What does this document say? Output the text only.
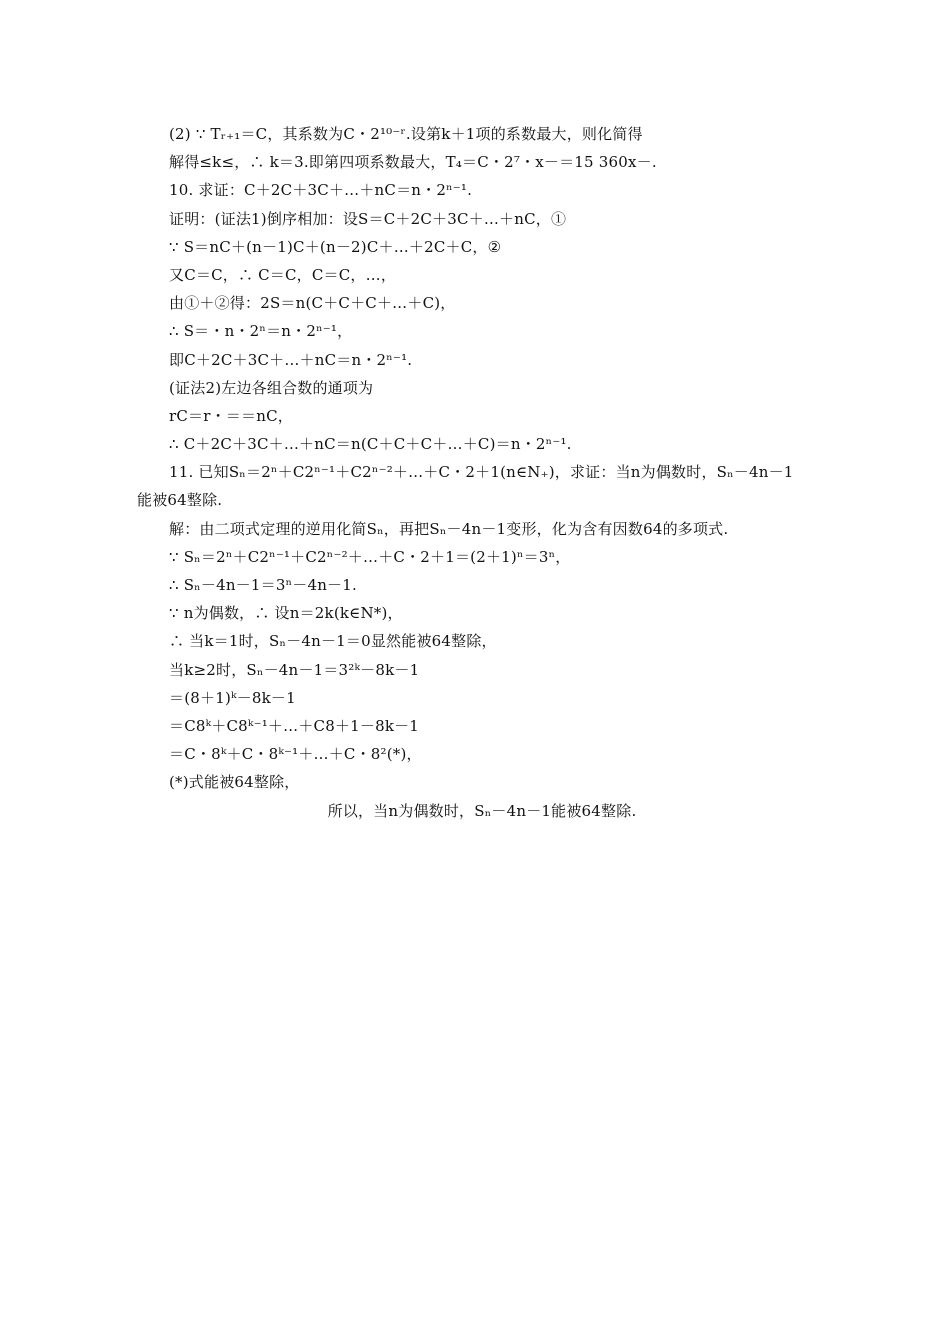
(2) ∵ Tᵣ₊₁＝C，其系数为C・2¹⁰⁻ʳ.设第k＋1项的系数最大，则化简得
解得≤k≤，∴ k＝3.即第四项系数最大，T₄＝C・2⁷・x－＝15 360x－.
10. 求证：C＋2C＋3C＋…＋nC＝n・2ⁿ⁻¹.
证明：(证法1)倒序相加：设S＝C＋2C＋3C＋…＋nC，①
∵ S＝nC＋(n－1)C＋(n－2)C＋…＋2C＋C，②
又C＝C，∴ C＝C，C＝C，…，
由①＋②得：2S＝n(C＋C＋C＋…＋C)，
∴ S＝・n・2ⁿ＝n・2ⁿ⁻¹，
即C＋2C＋3C＋…＋nC＝n・2ⁿ⁻¹.
(证法2)左边各组合数的通项为
rC＝r・＝＝nC，
∴ C＋2C＋3C＋…＋nC＝n(C＋C＋C＋…＋C)＝n・2ⁿ⁻¹.
11. 已知Sₙ＝2ⁿ＋C2ⁿ⁻¹＋C2ⁿ⁻²＋…＋C・2＋1(n∈N₊)，求证：当n为偶数时，Sₙ－4n－1
能被64整除.
解：由二项式定理的逆用化简Sₙ，再把Sₙ－4n－1变形，化为含有因数64的多项式.
∵ Sₙ＝2ⁿ＋C2ⁿ⁻¹＋C2ⁿ⁻²＋…＋C・2＋1＝(2＋1)ⁿ＝3ⁿ，
∴ Sₙ－4n－1＝3ⁿ－4n－1.
∵ n为偶数，∴ 设n＝2k(k∈N*)，
∴ 当k＝1时，Sₙ－4n－1＝0显然能被64整除，
当k≥2时，Sₙ－4n－1＝3²ᵏ－8k－1
＝(8＋1)ᵏ－8k－1
＝C8ᵏ＋C8ᵏ⁻¹＋…＋C8＋1－8k－1
＝C・8ᵏ＋C・8ᵏ⁻¹＋…＋C・8²(*)，
(*)式能被64整除，
所以，当n为偶数时，Sₙ－4n－1能被64整除.
